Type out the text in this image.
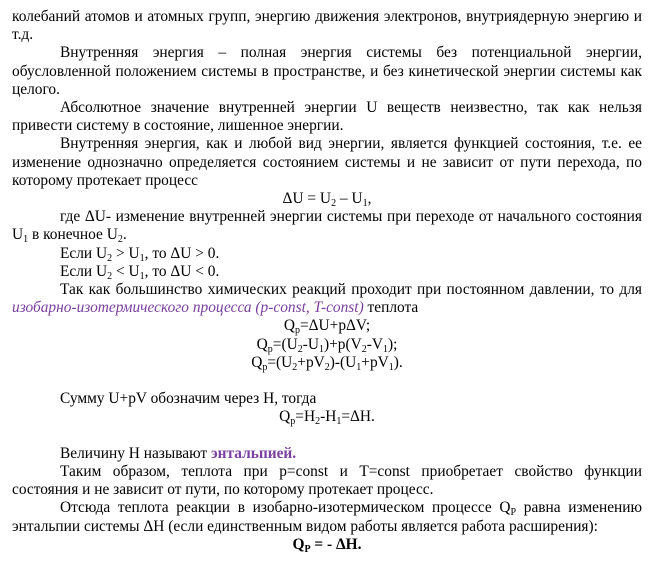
колебаний атомов и атомных групп, энергию движения электронов, внутриядерную энергию и т.д.

Внутренняя энергия – полная энергия системы без потенциальной энергии, обусловленной положением системы в пространстве, и без кинетической энергии системы как целого.

Абсолютное значение внутренней энергии U веществ неизвестно, так как нельзя привести систему в состояние, лишенное энергии.

Внутренняя энергия, как и любой вид энергии, является функцией состояния, т.е. ее изменение однозначно определяется состоянием системы и не зависит от пути перехода, по которому протекает процесс

$\Delta U = U_2 - U_1$,

где ΔU- изменение внутренней энергии системы при переходе от начального состояния $U_1$ в конечное $U_2$.

Если $U_2 > U_1$, то ΔU > 0.

Если $U_2 < U_1$, то ΔU < 0.

Так как большинство химических реакций проходит при постоянном давлении, то для изобарно-изотермического процесса (p-const, T-const) теплота

$Q_p=\Delta U+p\Delta V$;

$Q_p=(U_2-U_1)+p(V_2-V_1)$;

$Q_p=(U_2+pV_2)-(U_1+pV_1)$.

Сумму U+pV обозначим через H, тогда

$Q_p=H_2-H_1=\Delta H$.

Величину H называют энтальпией.

Таким образом, теплота при p=const и T=const приобретает свойство функции состояния и не зависит от пути, по которому протекает процесс.

Отсюда теплота реакции в изобарно-изотермическом процессе $Q_P$ равна изменению энтальпии системы ΔH (если единственным видом работы является работа расширения):

$Q_P$ = - ΔH.
